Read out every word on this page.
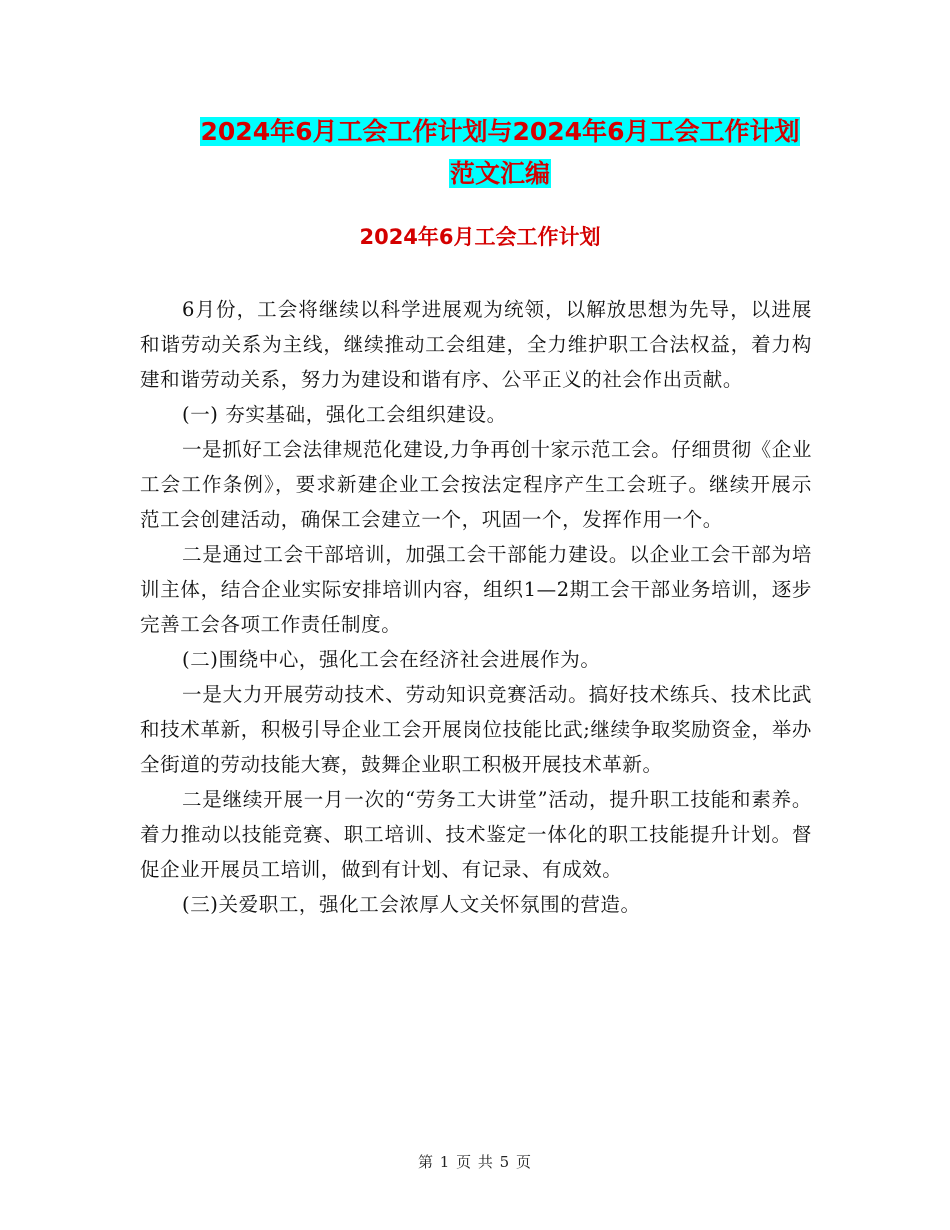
2024年6月工会工作计划与2024年6月工会工作计划
范文汇编
2024年6月工会工作计划

6月份，工会将继续以科学进展观为统领，以解放思想为先导，以进展和谐劳动关系为主线，继续推动工会组建，全力维护职工合法权益，着力构建和谐劳动关系，努力为建设和谐有序、公平正义的社会作出贡献。

(一) 夯实基础，强化工会组织建设。

一是抓好工会法律规范化建设,力争再创十家示范工会。仔细贯彻《企业工会工作条例》，要求新建企业工会按法定程序产生工会班子。继续开展示范工会创建活动，确保工会建立一个，巩固一个，发挥作用一个。

二是通过工会干部培训，加强工会干部能力建设。以企业工会干部为培训主体，结合企业实际安排培训内容，组织1—2期工会干部业务培训，逐步完善工会各项工作责任制度。

(二)围绕中心，强化工会在经济社会进展作为。

一是大力开展劳动技术、劳动知识竞赛活动。搞好技术练兵、技术比武和技术革新，积极引导企业工会开展岗位技能比武;继续争取奖励资金，举办全街道的劳动技能大赛，鼓舞企业职工积极开展技术革新。

二是继续开展一月一次的“劳务工大讲堂”活动，提升职工技能和素养。着力推动以技能竞赛、职工培训、技术鉴定一体化的职工技能提升计划。督促企业开展员工培训，做到有计划、有记录、有成效。

(三)关爱职工，强化工会浓厚人文关怀氛围的营造。

第 1 页 共 5 页
